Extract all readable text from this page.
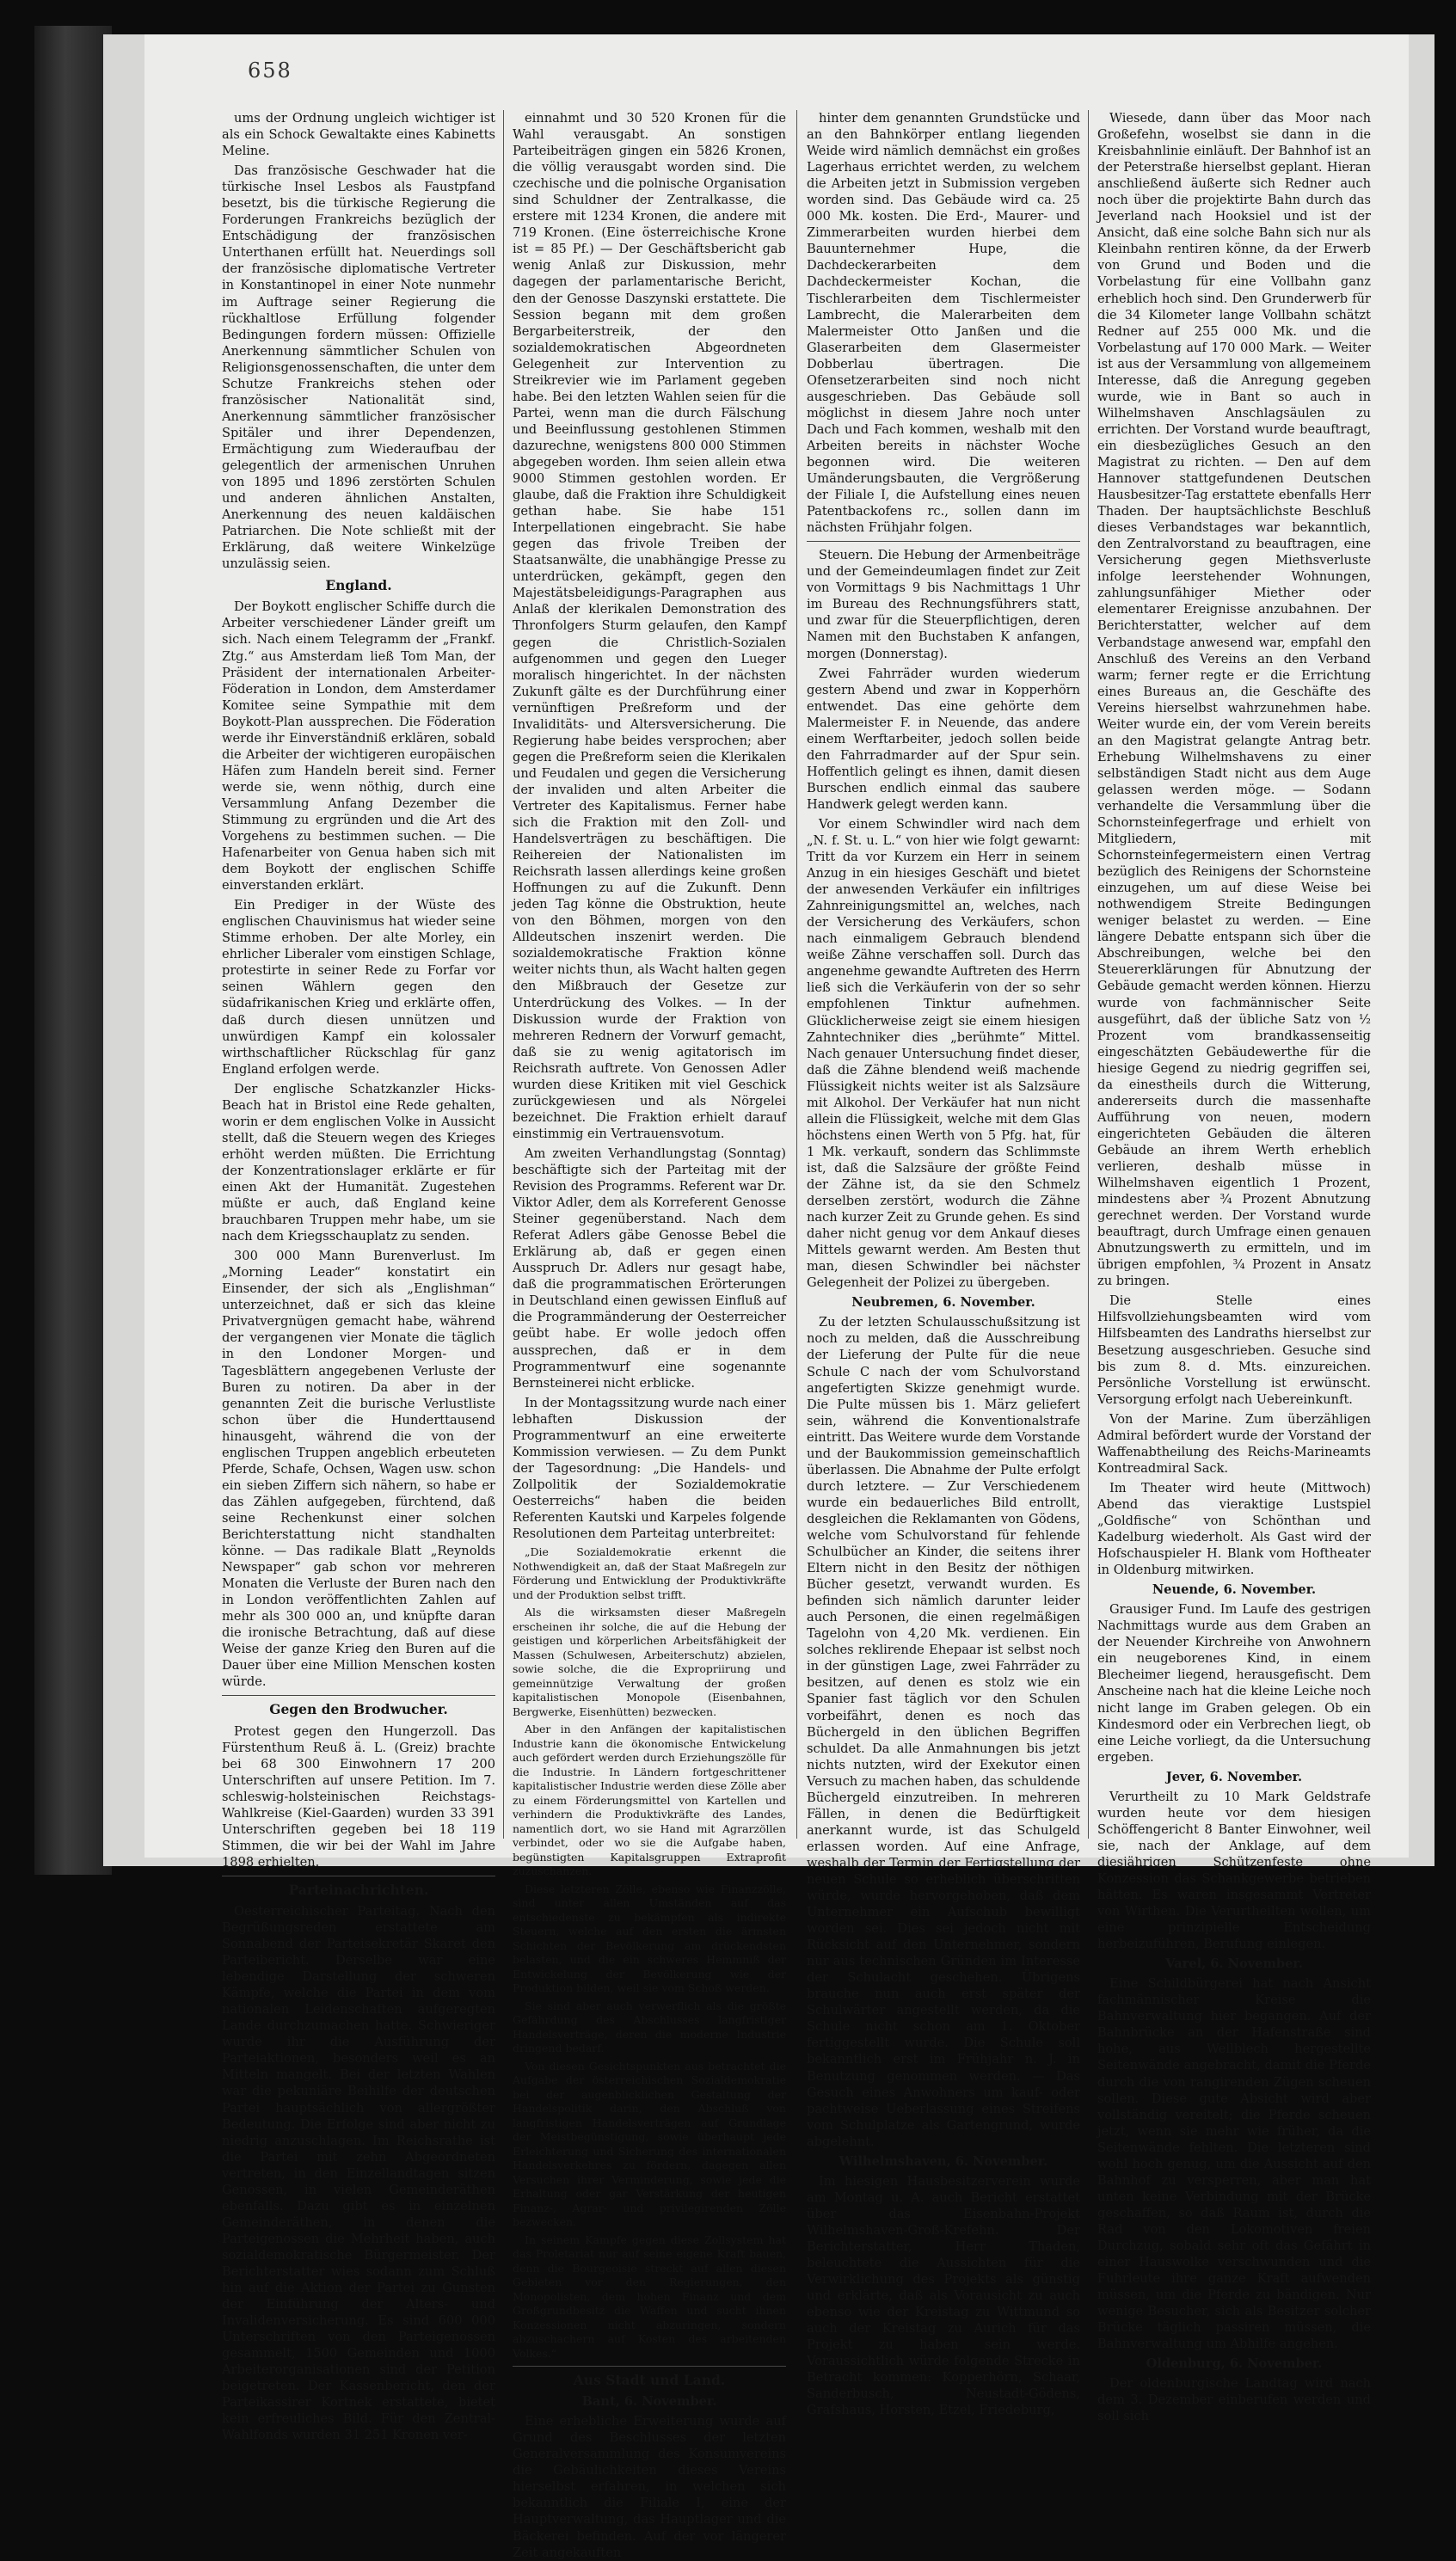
658

ums der Ordnung ungleich wichtiger ist als ein Schock Gewaltakte eines Kabinetts Meline.

Das französische Geschwader hat die türkische Insel Lesbos als Faustpfand besetzt, bis die türkische Regierung die Forderungen Frankreichs bezüglich der Entschädigung der französischen Unterthanen erfüllt hat. Neuerdings soll der französische diplomatische Vertreter in Konstantinopel in einer Note nunmehr im Auftrage seiner Regierung die rückhaltlose Erfüllung folgender Bedingungen fordern müssen: Offizielle Anerkennung sämmtlicher Schulen von Religionsgenossenschaften, die unter dem Schutze Frankreichs stehen oder französischer Nationalität sind, Anerkennung sämmtlicher französischer Spitäler und ihrer Dependenzen, Ermächtigung zum Wiederaufbau der gelegentlich der armenischen Unruhen von 1895 und 1896 zerstörten Schulen und anderen ähnlichen Anstalten, Anerkennung des neuen kaldäischen Patriarchen. Die Note schließt mit der Erklärung, daß weitere Winkelzüge unzulässig seien.

England.

Der Boykott englischer Schiffe durch die Arbeiter verschiedener Länder greift um sich. Nach einem Telegramm der „Frankf. Ztg.“ aus Amsterdam ließ Tom Man, der Präsident der internationalen Arbeiter-Föderation in London, dem Amsterdamer Komitee seine Sympathie mit dem Boykott-Plan aussprechen. Die Föderation werde ihr Einverständniß erklären, sobald die Arbeiter der wichtigeren europäischen Häfen zum Handeln bereit sind. Ferner werde sie, wenn nöthig, durch eine Versammlung Anfang Dezember die Stimmung zu ergründen und die Art des Vorgehens zu bestimmen suchen. — Die Hafenarbeiter von Genua haben sich mit dem Boykott der englischen Schiffe einverstanden erklärt.

Ein Prediger in der Wüste des englischen Chauvinismus hat wieder seine Stimme erhoben. Der alte Morley, ein ehrlicher Liberaler vom einstigen Schlage, protestirte in seiner Rede zu Forfar vor seinen Wählern gegen den südafrikanischen Krieg und erklärte offen, daß durch diesen unnützen und unwürdigen Kampf ein kolossaler wirthschaftlicher Rückschlag für ganz England erfolgen werde.

Der englische Schatzkanzler Hicks-Beach hat in Bristol eine Rede gehalten, worin er dem englischen Volke in Aussicht stellt, daß die Steuern wegen des Krieges erhöht werden müßten. Die Errichtung der Konzentrationslager erklärte er für einen Akt der Humanität. Zugestehen müßte er auch, daß England keine brauchbaren Truppen mehr habe, um sie nach dem Kriegsschauplatz zu senden.

300 000 Mann Burenverlust. Im „Morning Leader“ konstatirt ein Einsender, der sich als „Englishman“ unterzeichnet, daß er sich das kleine Privatvergnügen gemacht habe, während der vergangenen vier Monate die täglich in den Londoner Morgen- und Tagesblättern angegebenen Verluste der Buren zu notiren. Da aber in der genannten Zeit die burische Verlustliste schon über die Hunderttausend hinausgeht, während die von der englischen Truppen angeblich erbeuteten Pferde, Schafe, Ochsen, Wagen usw. schon ein sieben Ziffern sich nähern, so habe er das Zählen aufgegeben, fürchtend, daß seine Rechenkunst einer solchen Berichterstattung nicht standhalten könne. — Das radikale Blatt „Reynolds Newspaper“ gab schon vor mehreren Monaten die Verluste der Buren nach den in London veröffentlichten Zahlen auf mehr als 300 000 an, und knüpfte daran die ironische Betrachtung, daß auf diese Weise der ganze Krieg den Buren auf die Dauer über eine Million Menschen kosten würde.

Gegen den Brodwucher.

Protest gegen den Hungerzoll. Das Fürstenthum Reuß ä. L. (Greiz) brachte bei 68 300 Einwohnern 17 200 Unterschriften auf unsere Petition. Im 7. schleswig-holsteinischen Reichstags-Wahlkreise (Kiel-Gaarden) wurden 33 391 Unterschriften gegeben bei 18 119 Stimmen, die wir bei der Wahl im Jahre 1898 erhielten.

Parteinachrichten.

Oesterreichischer Parteitag. Nach den Begrüßungsreden erstattete am Sonnabend der Parteisekretär Skaret den Parteibericht. Derselbe war eine lebendige Darstellung der schweren Kämpfe, welche die Partei in dem vom nationalen Leidenschaften aufgeregten Lande durchzumachen hatte. Schwieriger wurde ihr die Ausführung der Parteiaktionen, besonders weil es an Mitteln mangelt. Bei der letzten Wahlen war die pekuniäre Beihilfe der deutschen Partei hauptsächlich von allergrößter Bedeutung. Die Erfolge sind aber nicht zu niedrig anzuschlagen. Im Reichsrathe ist die Partei mit zehn Abgeordneten vertreten, in den Einzellandtagen sitzen Genossen, in vielen Gemeinderäthen ebenfalls. Dazu gibt es in einzelnen Gemeinderäthen, in denen die Parteigenossen die Mehrheit haben, auch sozialdemokratische Bürgermeister. Der Berichterstatter wies sodann zum Schluß hin auf die Aktion der Partei zu Gunsten der Einführung der Alters- und Invalidenversicherung. Es sind 600 000 Unterschriften von den Parteigenossen gesammelt, 1500 Gemeinden und 1000 Arbeiterorganisationen sind der Petition beigetreten. Der Kassenbericht, den der Parteikassirer Kortnek erstattete, bietet kein erfreuliches Bild. Für den Zentral-Wahlfonds wurden 31 251 Kronen ver-

einnahmt und 30 520 Kronen für die Wahl verausgabt. An sonstigen Parteibeiträgen gingen ein 5826 Kronen, die völlig verausgabt worden sind. Die czechische und die polnische Organisation sind Schuldner der Zentralkasse, die erstere mit 1234 Kronen, die andere mit 719 Kronen. (Eine österreichische Krone ist = 85 Pf.) — Der Geschäftsbericht gab wenig Anlaß zur Diskussion, mehr dagegen der parlamentarische Bericht, den der Genosse Daszynski erstattete. Die Session begann mit dem großen Bergarbeiterstreik, der den sozialdemokratischen Abgeordneten Gelegenheit zur Intervention zu Streikrevier wie im Parlament gegeben habe. Bei den letzten Wahlen seien für die Partei, wenn man die durch Fälschung und Beeinflussung gestohlenen Stimmen dazurechne, wenigstens 800 000 Stimmen abgegeben worden. Ihm seien allein etwa 9000 Stimmen gestohlen worden. Er glaube, daß die Fraktion ihre Schuldigkeit gethan habe. Sie habe 151 Interpellationen eingebracht. Sie habe gegen das frivole Treiben der Staatsanwälte, die unabhängige Presse zu unterdrücken, gekämpft, gegen den Majestätsbeleidigungs-Paragraphen aus Anlaß der klerikalen Demonstration des Thronfolgers Sturm gelaufen, den Kampf gegen die Christlich-Sozialen aufgenommen und gegen den Lueger moralisch hingerichtet. In der nächsten Zukunft gälte es der Durchführung einer vernünftigen Preßreform und der Invaliditäts- und Altersversicherung. Die Regierung habe beides versprochen; aber gegen die Preßreform seien die Klerikalen und Feudalen und gegen die Versicherung der invaliden und alten Arbeiter die Vertreter des Kapitalismus. Ferner habe sich die Fraktion mit den Zoll- und Handelsverträgen zu beschäftigen. Die Reihereien der Nationalisten im Reichsrath lassen allerdings keine großen Hoffnungen zu auf die Zukunft. Denn jeden Tag könne die Obstruktion, heute von den Böhmen, morgen von den Alldeutschen inszenirt werden. Die sozialdemokratische Fraktion könne weiter nichts thun, als Wacht halten gegen den Mißbrauch der Gesetze zur Unterdrückung des Volkes. — In der Diskussion wurde der Fraktion von mehreren Rednern der Vorwurf gemacht, daß sie zu wenig agitatorisch im Reichsrath auftrete. Von Genossen Adler wurden diese Kritiken mit viel Geschick zurückgewiesen und als Nörgelei bezeichnet. Die Fraktion erhielt darauf einstimmig ein Vertrauensvotum.

Am zweiten Verhandlungstag (Sonntag) beschäftigte sich der Parteitag mit der Revision des Programms. Referent war Dr. Viktor Adler, dem als Korreferent Genosse Steiner gegenüberstand. Nach dem Referat Adlers gäbe Genosse Bebel die Erklärung ab, daß er gegen einen Ausspruch Dr. Adlers nur gesagt habe, daß die programmatischen Erörterungen in Deutschland einen gewissen Einfluß auf die Programmänderung der Oesterreicher geübt habe. Er wolle jedoch offen aussprechen, daß er in dem Programmentwurf eine sogenannte Bernsteinerei nicht erblicke.

In der Montagssitzung wurde nach einer lebhaften Diskussion der Programmentwurf an eine erweiterte Kommission verwiesen. — Zu dem Punkt der Tagesordnung: „Die Handels- und Zollpolitik der Sozialdemokratie Oesterreichs“ haben die beiden Referenten Kautski und Karpeles folgende Resolutionen dem Parteitag unterbreitet:

„Die Sozialdemokratie erkennt die Nothwendigkeit an, daß der Staat Maßregeln zur Förderung und Entwicklung der Produktivkräfte und der Produktion selbst trifft.

Als die wirksamsten dieser Maßregeln erscheinen ihr solche, die auf die Hebung der geistigen und körperlichen Arbeitsfähigkeit der Massen (Schulwesen, Arbeiterschutz) abzielen, sowie solche, die die Expropriirung und gemeinnützige Verwaltung der großen kapitalistischen Monopole (Eisenbahnen, Bergwerke, Eisenhütten) bezwecken.

Aber in den Anfängen der kapitalistischen Industrie kann die ökonomische Entwickelung auch gefördert werden durch Erziehungszölle für die Industrie. In Ländern fortgeschrittener kapitalistischer Industrie werden diese Zölle aber zu einem Förderungsmittel von Kartellen und verhindern die Produktivkräfte des Landes, namentlich dort, wo sie Hand mit Agrarzöllen verbindet, oder wo sie die Aufgabe haben, begünstigten Kapitalsgruppen Extraprofit zuzuschanzen.

Diese letzteren Zölle, ebenso wie Finanzzölle, sind unter allen Umständen auf das entschiedenste zu bekämpfen als indirekte Steuern, welche auf den ersten die ärmsten Schichten der Bevölkerung am drückendsten belasten, und die ein schweres Hemmniß der Entwickelung der Bevölkerung wie der Produktion bilden, weil sie vom Schoß werden.

Sie sind aber auch verwerflich als die größte Gefährdung des Abschlusses langfristiger Handelsverträge, deren die moderne Industrie dringend bedarf.

Von diesen Gesichtspunkten aus betrachtet die Aufgabe der österreichischen Sozialdemokratie bei der augenblicklichen Gestaltung der Handelspolitik darin, den Abschluß von langfristigen Handelsverträgen auf Grundlage der Meistbegünstigung, sowie überhaupt jede Erleichterung und Sicherung des internationalen Handelsverkehres zu fördern, dagegen allen Versuchen ihrer Verminderung, sowie jede die Erhaltung oder gar Verstärkung der heutigen Finanz-, Agrar- und privilegirenden Zölle bezwecken.

In seinem Kampfe gegen diese Zollsystem hat das Proletariat nur auf seine eigene Kraft bauen, denn die Bourgeoisie streckt auf allen diesen Gebieten vor den Regierungen, den Monopolisten, dem hohen Finanz und dem Großgrundbesitz die Waffen und sucht ihnen Konzessionen nicht abzuringen, sondern abzuschachern auf Kosten des arbeitenden Volkes.“

Aus Stadt und Land.
Bant, 6. November.

Eine erhebliche Erweiterung wurde auf Grund des Beschlusses der letzten Generalversammlung des Konsumvereins die Gebäulichkeiten dieses Vereins hierselbst erfahren, in welchen sich bekanntlich die Filiale I, eine der Hauptverwaltung, das Hauptlager und die Bäckerei befinden. Auf der vor längerer Zeit angekauften

hinter dem genannten Grundstücke und an den Bahnkörper entlang liegenden Weide wird nämlich demnächst ein großes Lagerhaus errichtet werden, zu welchem die Arbeiten jetzt in Submission vergeben worden sind. Das Gebäude wird ca. 25 000 Mk. kosten. Die Erd-, Maurer- und Zimmerarbeiten wurden hierbei dem Bauunternehmer Hupe, die Dachdeckerarbeiten dem Dachdeckermeister Kochan, die Tischlerarbeiten dem Tischlermeister Lambrecht, die Malerarbeiten dem Malermeister Otto Janßen und die Glaserarbeiten dem Glasermeister Dobberlau übertragen. Die Ofensetzerarbeiten sind noch nicht ausgeschrieben. Das Gebäude soll möglichst in diesem Jahre noch unter Dach und Fach kommen, weshalb mit den Arbeiten bereits in nächster Woche begonnen wird. Die weiteren Umänderungsbauten, die Vergrößerung der Filiale I, die Aufstellung eines neuen Patentbackofens rc., sollen dann im nächsten Frühjahr folgen.

Steuern. Die Hebung der Armenbeiträge und der Gemeindeumlagen findet zur Zeit von Vormittags 9 bis Nachmittags 1 Uhr im Bureau des Rechnungsführers statt, und zwar für die Steuerpflichtigen, deren Namen mit den Buchstaben K anfangen, morgen (Donnerstag).

Zwei Fahrräder wurden wiederum gestern Abend und zwar in Kopperhörn entwendet. Das eine gehörte dem Malermeister F. in Neuende, das andere einem Werftarbeiter, jedoch sollen beide den Fahrradmarder auf der Spur sein. Hoffentlich gelingt es ihnen, damit diesen Burschen endlich einmal das saubere Handwerk gelegt werden kann.

Vor einem Schwindler wird nach dem „N. f. St. u. L.“ von hier wie folgt gewarnt: Tritt da vor Kurzem ein Herr in seinem Anzug in ein hiesiges Geschäft und bietet der anwesenden Verkäufer ein infiltriges Zahnreinigungsmittel an, welches, nach der Versicherung des Verkäufers, schon nach einmaligem Gebrauch blendend weiße Zähne verschaffen soll. Durch das angenehme gewandte Auftreten des Herrn ließ sich die Verkäuferin von der so sehr empfohlenen Tinktur aufnehmen. Glücklicherweise zeigt sie einem hiesigen Zahntechniker dies „berühmte“ Mittel. Nach genauer Untersuchung findet dieser, daß die Zähne blendend weiß machende Flüssigkeit nichts weiter ist als Salzsäure mit Alkohol. Der Verkäufer hat nun nicht allein die Flüssigkeit, welche mit dem Glas höchstens einen Werth von 5 Pfg. hat, für 1 Mk. verkauft, sondern das Schlimmste ist, daß die Salzsäure der größte Feind der Zähne ist, da sie den Schmelz derselben zerstört, wodurch die Zähne nach kurzer Zeit zu Grunde gehen. Es sind daher nicht genug vor dem Ankauf dieses Mittels gewarnt werden. Am Besten thut man, diesen Schwindler bei nächster Gelegenheit der Polizei zu übergeben.

Neubremen, 6. November.

Zu der letzten Schulausschußsitzung ist noch zu melden, daß die Ausschreibung der Lieferung der Pulte für die neue Schule C nach der vom Schulvorstand angefertigten Skizze genehmigt wurde. Die Pulte müssen bis 1. März geliefert sein, während die Konventionalstrafe eintritt. Das Weitere wurde dem Vorstande und der Baukommission gemeinschaftlich überlassen. Die Abnahme der Pulte erfolgt durch letztere. — Zur Verschiedenem wurde ein bedauerliches Bild entrollt, desgleichen die Reklamanten von Gödens, welche vom Schulvorstand für fehlende Schulbücher an Kinder, die seitens ihrer Eltern nicht in den Besitz der nöthigen Bücher gesetzt, verwandt wurden. Es befinden sich nämlich darunter leider auch Personen, die einen regelmäßigen Tagelohn von 4,20 Mk. verdienen. Ein solches reklirende Ehepaar ist selbst noch in der günstigen Lage, zwei Fahrräder zu besitzen, auf denen es stolz wie ein Spanier fast täglich vor den Schulen vorbeifährt, denen es noch das Büchergeld in den üblichen Begriffen schuldet. Da alle Anmahnungen bis jetzt nichts nutzten, wird der Exekutor einen Versuch zu machen haben, das schuldende Büchergeld einzutreiben. In mehreren Fällen, in denen die Bedürftigkeit anerkannt wurde, ist das Schulgeld erlassen worden. Auf eine Anfrage, weshalb der Termin der Fertigstellung der neuen Schule so erheblich überschritten würde, wurde hervorgehoben, daß dem Unternehmer ein Aufschub bewilligt worden sei. Dies sei jedoch nicht mit Rücksicht auf den Unternehmer, sondern nur aus technischen Gründen im Interesse der Schulacht geschehen. Übrigens brauche nun auch erst später der Schulwärter angestellt werden, da die Schule nicht schon am 1. Oktober fertiggestellt wurde. Die Schule soll bekanntlich erst im Frühjahr n. J. in Benutzung genommen werden. — Das Gesuch eines Anwohners um kauf- oder pachtweise Ueberlassung eines Streifens vom Schulplatze als Gartengrund, wurde abgelehnt.

Wilhelmshaven, 6. November.

Im hiesigen Hausbesitzerverein wurde am Montag u. A. auch Bericht erstattet über das Eisenbahn-Projekt Wilhelmshaven-Groß-Krefehn. Der Berichterstatter, Herr Thaden, beleuchtete die Aussichten für die Verwirklichung des Projekts als günstig und erklärte, daß als Vorausicht zu auch ebenso wie der Kreistag zu Wittmund so auch der Kreistag zu Aurich für das Projekt zu haben sein werde. Voraussichtlich würde folgende Strecke in Betracht kommen: Kopperhörn, Schaar, Sanderbusch, Neustadt-Gödens, Grafshaus, Horsten, Etzel, Friedeburg,

Wiesede, dann über das Moor nach Großefehn, woselbst sie dann in die Kreisbahnlinie einläuft. Der Bahnhof ist an der Peterstraße hierselbst geplant. Hieran anschließend äußerte sich Redner auch noch über die projektirte Bahn durch das Jeverland nach Hooksiel und ist der Ansicht, daß eine solche Bahn sich nur als Kleinbahn rentiren könne, da der Erwerb von Grund und Boden und die Vorbelastung für eine Vollbahn ganz erheblich hoch sind. Den Grunderwerb für die 34 Kilometer lange Vollbahn schätzt Redner auf 255 000 Mk. und die Vorbelastung auf 170 000 Mark. — Weiter ist aus der Versammlung von allgemeinem Interesse, daß die Anregung gegeben wurde, wie in Bant so auch in Wilhelmshaven Anschlagsäulen zu errichten. Der Vorstand wurde beauftragt, ein diesbezügliches Gesuch an den Magistrat zu richten. — Den auf dem Hannover stattgefundenen Deutschen Hausbesitzer-Tag erstattete ebenfalls Herr Thaden. Der hauptsächlichste Beschluß dieses Verbandstages war bekanntlich, den Zentralvorstand zu beauftragen, eine Versicherung gegen Miethsverluste infolge leerstehender Wohnungen, zahlungsunfähiger Miether oder elementarer Ereignisse anzubahnen. Der Berichterstatter, welcher auf dem Verbandstage anwesend war, empfahl den Anschluß des Vereins an den Verband warm; ferner regte er die Errichtung eines Bureaus an, die Geschäfte des Vereins hierselbst wahrzunehmen habe. Weiter wurde ein, der vom Verein bereits an den Magistrat gelangte Antrag betr. Erhebung Wilhelmshavens zu einer selbständigen Stadt nicht aus dem Auge gelassen werden möge. — Sodann verhandelte die Versammlung über die Schornsteinfegerfrage und erhielt von Mitgliedern, mit Schornsteinfegermeistern einen Vertrag bezüglich des Reinigens der Schornsteine einzugehen, um auf diese Weise bei nothwendigem Streite Bedingungen weniger belastet zu werden. — Eine längere Debatte entspann sich über die Abschreibungen, welche bei den Steuererklärungen für Abnutzung der Gebäude gemacht werden können. Hierzu wurde von fachmännischer Seite ausgeführt, daß der übliche Satz von ½ Prozent vom brandkassenseitig eingeschätzten Gebäudewerthe für die hiesige Gegend zu niedrig gegriffen sei, da einestheils durch die Witterung, andererseits durch die massenhafte Aufführung von neuen, modern eingerichteten Gebäuden die älteren Gebäude an ihrem Werth erheblich verlieren, deshalb müsse in Wilhelmshaven eigentlich 1 Prozent, mindestens aber ¾ Prozent Abnutzung gerechnet werden. Der Vorstand wurde beauftragt, durch Umfrage einen genauen Abnutzungswerth zu ermitteln, und im übrigen empfohlen, ¾ Prozent in Ansatz zu bringen.

Die Stelle eines Hilfsvollziehungsbeamten wird vom Hilfsbeamten des Landraths hierselbst zur Besetzung ausgeschrieben. Gesuche sind bis zum 8. d. Mts. einzureichen. Persönliche Vorstellung ist erwünscht. Versorgung erfolgt nach Uebereinkunft.

Von der Marine. Zum überzähligen Admiral befördert wurde der Vorstand der Waffenabtheilung des Reichs-Marineamts Kontreadmiral Sack.

Im Theater wird heute (Mittwoch) Abend das vieraktige Lustspiel „Goldfische“ von Schönthan und Kadelburg wiederholt. Als Gast wird der Hofschauspieler H. Blank vom Hoftheater in Oldenburg mitwirken.

Neuende, 6. November.

Grausiger Fund. Im Laufe des gestrigen Nachmittags wurde aus dem Graben an der Neuender Kirchreihe von Anwohnern ein neugeborenes Kind, in einem Blecheimer liegend, herausgefischt. Dem Anscheine nach hat die kleine Leiche noch nicht lange im Graben gelegen. Ob ein Kindesmord oder ein Verbrechen liegt, ob eine Leiche vorliegt, da die Untersuchung ergeben.

Jever, 6. November.

Verurtheilt zu 10 Mark Geldstrafe wurden heute vor dem hiesigen Schöffengericht 8 Banter Einwohner, weil sie, nach der Anklage, auf dem diesjährigen Schützenfeste ohne Konzession das Schankgewerbe betrieben hätten. Es waren insgesammt Vertreter von Wirthen. Die Verurtheilten wollen, um eine prinzipielle Entscheidung herbeizuführen, Berufung einlegen.

Varel, 6. November.

Eine Schildbürgerei hat nach Ansicht fachmännischer Kreise die Bahnverwaltung hier begangen. Auf der Bahnbrücke an der Hafenstraße sind hohe, aus Wellblech hergestellte Seitenwände angebracht, damit die Pferde durch die von rangirenden Zügen scheuen sollen. Diese gute Absicht wird aber vollständig vereitelt; die Pferde scheuen jetzt, wenn sie mehr wie früher, da die Seitenwände fehlten. Die letzteren sind wohl hoch genug, um die Aussicht auf den Bahnhof zu versperren, aber man hat unten keine Verbindung mit der Brücke geschaffen, so daß Raum ist, durch die Rad von den Lokomotiven freien Durchzug, sobald sehr oft das Gefährt in einer Hauswolke verschwunden und die Fuhrleute ihre ganze Kraft aufwenden müssen, um die Pferde zu bändigen. Nur wenige Besucher, sich als Besitzer solcher Brücke täglich passiren müssen, die Bahnverwaltung um Abhilfe angehen.

Oldenburg, 6. November.

Der oldenburgische Landtag wird nach dem 3. Dezember einberufen werden und soll sich
